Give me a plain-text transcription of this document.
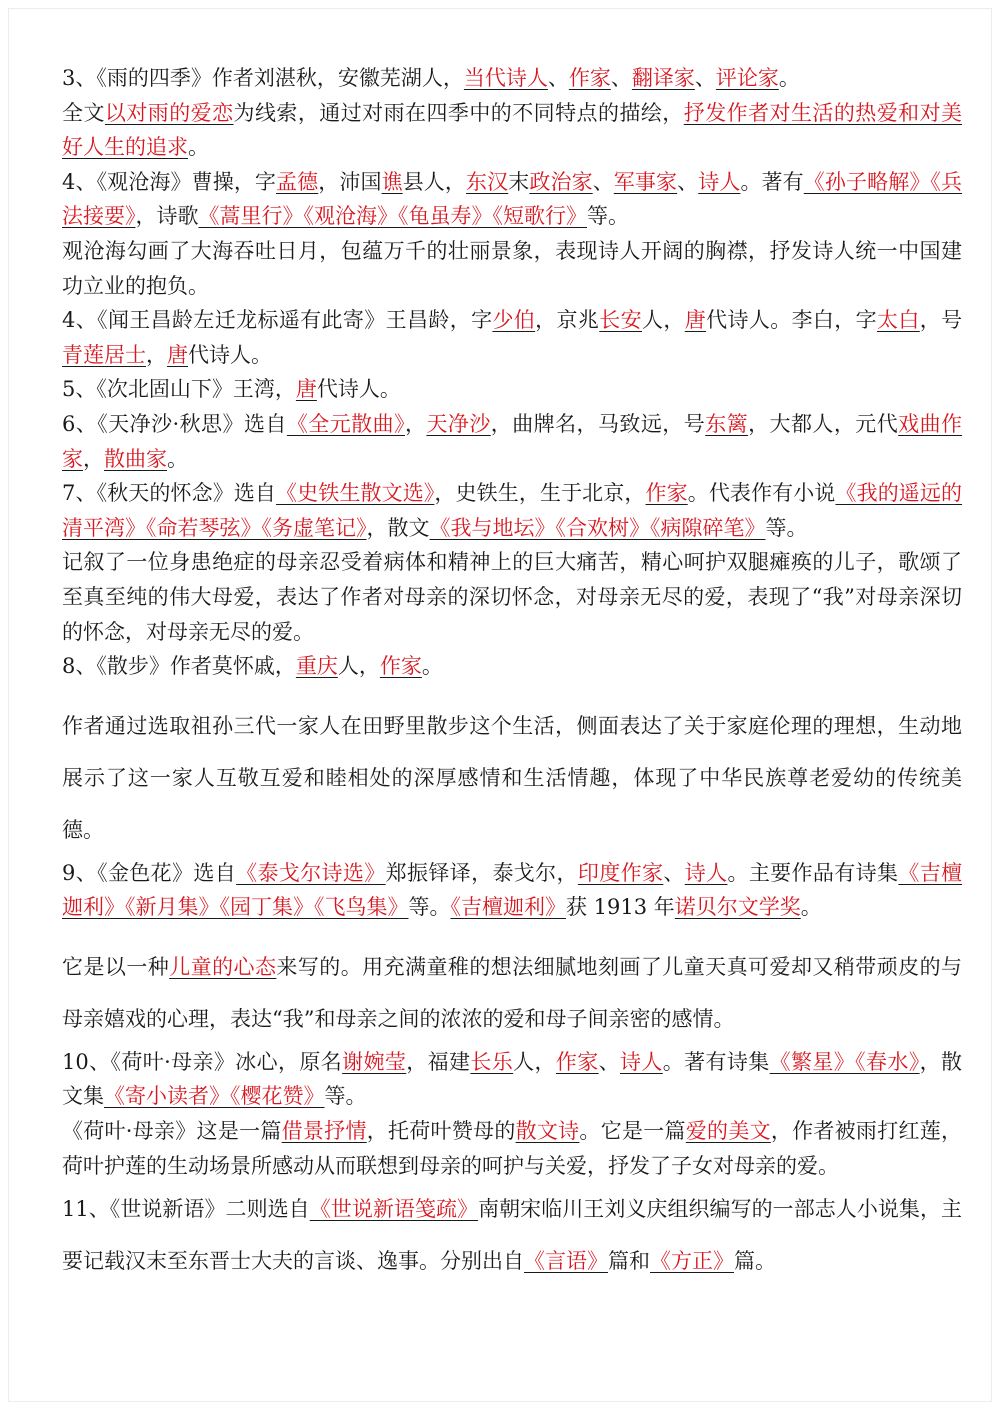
3、《雨的四季》作者刘湛秋，安徽芜湖人，当代诗人、作家、翻译家、评论家。

全文以对雨的爱恋为线索，通过对雨在四季中的不同特点的描绘，抒发作者对生活的热爱和对美好人生的追求。

4、《观沧海》曹操，字孟德，沛国谯县人，东汉末政治家、军事家、诗人。著有《孙子略解》《兵法接要》，诗歌《蒿里行》《观沧海》《龟虽寿》《短歌行》等。

观沧海勾画了大海吞吐日月，包蕴万千的壮丽景象，表现诗人开阔的胸襟，抒发诗人统一中国建功立业的抱负。

4、《闻王昌龄左迁龙标遥有此寄》王昌龄，字少伯，京兆长安人，唐代诗人。李白，字太白，号青莲居士，唐代诗人。

5、《次北固山下》王湾，唐代诗人。

6、《天净沙·秋思》选自《全元散曲》，天净沙，曲牌名，马致远，号东篱，大都人，元代戏曲作家，散曲家。

7、《秋天的怀念》选自《史铁生散文选》，史铁生，生于北京，作家。代表作有小说《我的遥远的清平湾》《命若琴弦》《务虚笔记》，散文《我与地坛》《合欢树》《病隙碎笔》等。

记叙了一位身患绝症的母亲忍受着病体和精神上的巨大痛苦，精心呵护双腿瘫痪的儿子，歌颂了至真至纯的伟大母爱，表达了作者对母亲的深切怀念，对母亲无尽的爱，表现了“我”对母亲深切的怀念，对母亲无尽的爱。

8、《散步》作者莫怀戚，重庆人，作家。

作者通过选取祖孙三代一家人在田野里散步这个生活，侧面表达了关于家庭伦理的理想，生动地展示了这一家人互敬互爱和睦相处的深厚感情和生活情趣，体现了中华民族尊老爱幼的传统美德。

9、《金色花》选自《泰戈尔诗选》郑振铎译，泰戈尔，印度作家、诗人。主要作品有诗集《吉檀迦利》《新月集》《园丁集》《飞鸟集》等。《吉檀迦利》获 1913 年诺贝尔文学奖。

它是以一种儿童的心态来写的。用充满童稚的想法细腻地刻画了儿童天真可爱却又稍带顽皮的与母亲嬉戏的心理，表达“我”和母亲之间的浓浓的爱和母子间亲密的感情。

10、《荷叶·母亲》冰心，原名谢婉莹，福建长乐人，作家、诗人。著有诗集《繁星》《春水》，散文集《寄小读者》《樱花赞》等。

《荷叶·母亲》这是一篇借景抒情，托荷叶赞母的散文诗。它是一篇爱的美文，作者被雨打红莲，荷叶护莲的生动场景所感动从而联想到母亲的呵护与关爱，抒发了子女对母亲的爱。

11、《世说新语》二则选自《世说新语笺疏》南朝宋临川王刘义庆组织编写的一部志人小说集，主要记载汉末至东晋士大夫的言谈、逸事。分别出自《言语》篇和《方正》篇。
